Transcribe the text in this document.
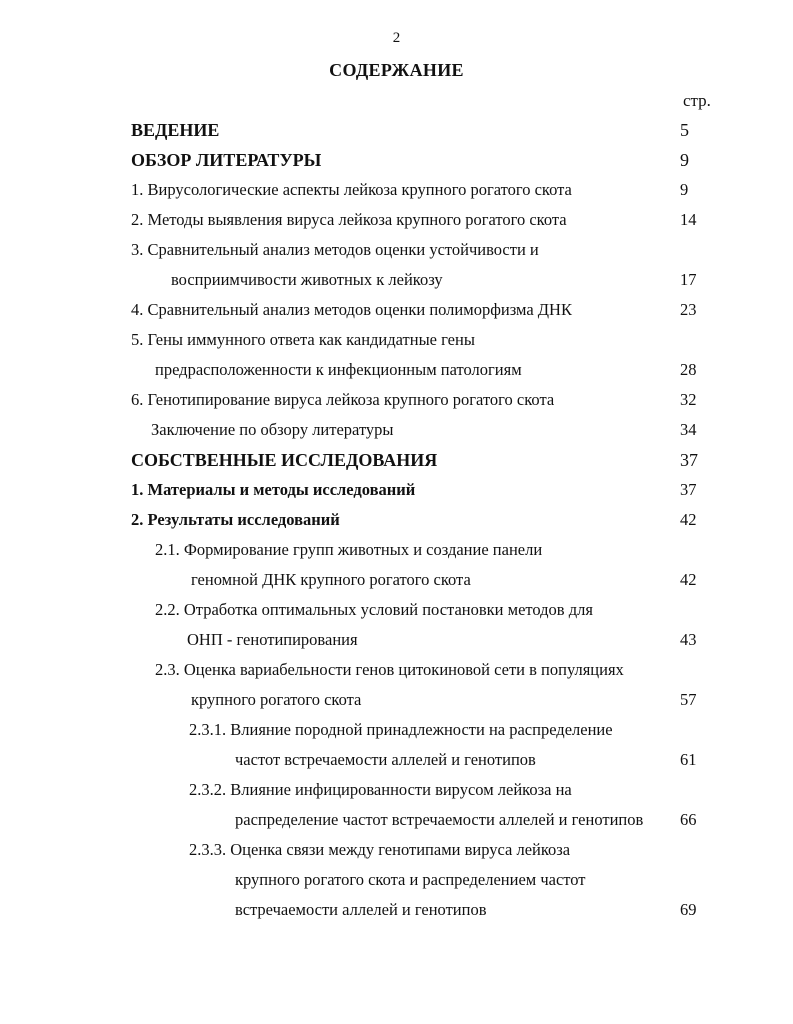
2
СОДЕРЖАНИЕ
стр.
ВЕДЕНИЕ	5
ОБЗОР ЛИТЕРАТУРЫ	9
1. Вирусологические аспекты лейкоза крупного рогатого скота	9
2. Методы выявления вируса лейкоза крупного рогатого скота	14
3. Сравнительный анализ методов оценки устойчивости и
восприимчивости животных к лейкозу	17
4. Сравнительный анализ методов оценки полиморфизма ДНК	23
5. Гены иммунного ответа как кандидатные гены
предрасположенности к инфекционным патологиям	28
6. Генотипирование вируса лейкоза крупного рогатого скота	32
Заключение по обзору литературы	34
СОБСТВЕННЫЕ ИССЛЕДОВАНИЯ	37
1. Материалы и методы исследований	37
2. Результаты исследований	42
2.1. Формирование групп животных и создание панели
геномной ДНК крупного рогатого скота	42
2.2. Отработка оптимальных условий постановки методов для
ОНП - генотипирования	43
2.3. Оценка вариабельности генов цитокиновой сети в популяциях
крупного рогатого скота	57
2.3.1. Влияние породной принадлежности на распределение
частот встречаемости аллелей и генотипов	61
2.3.2. Влияние инфицированности вирусом лейкоза на
распределение частот встречаемости аллелей и генотипов 66
2.3.3. Оценка связи между генотипами вируса лейкоза
крупного рогатого скота и распределением частот
встречаемости аллелей и генотипов	69
